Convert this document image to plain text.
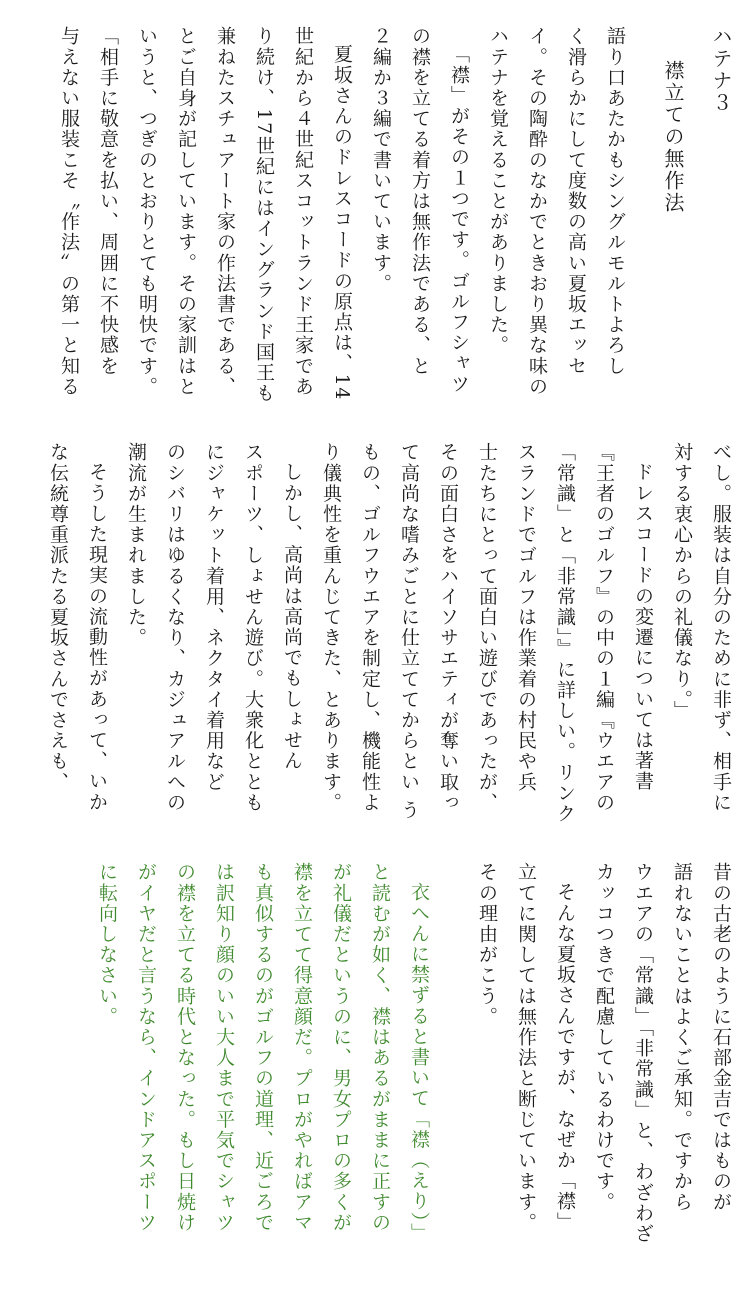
ハテナ３
襟立ての無作法
語り口あたかもシングルモルトよろし
く滑らかにして度数の高い夏坂エッセ
イ。その陶酔のなかでときおり異な味の
ハテナを覚えることがありました。
「襟」がその１つです。ゴルフシャツ
の襟を立てる着方は無作法である、と
２編か３編で書いています。
夏坂さんのドレスコードの原点は、14
世紀から４世紀スコットランド王家であ
り続け、17世紀にはイングランド国王も
兼ねたスチュアート家の作法書である、
とご自身が記しています。その家訓はと
いうと、つぎのとおりとても明快です。
「相手に敬意を払い、周囲に不快感を
与えない服装こそ〝作法〟の第一と知る
べし。服装は自分のために非ず、相手に
対する衷心からの礼儀なり。」
ドレスコードの変遷については著書
『王者のゴルフ』の中の１編『ウエアの
「常識」と「非常識」』に詳しい。リンク
スランドでゴルフは作業着の村民や兵
士たちにとって面白い遊びであったが、
その面白さをハイソサエティが奪い取っ
て高尚な嗜みごとに仕立ててからとい う
もの、ゴルフウエアを制定し、機能性よ
り儀典性を重んじてきた、とあります。
しかし、高尚は高尚でもしょせん
スポーツ、しょせん遊び。大衆化ととも
にジャケット着用、ネクタイ着用など
のシバリはゆるくなり、カジュアルへの
潮流が生まれました。
そうした現実の流動性があって、いか
な伝統尊重派たる夏坂さんでさえも、
昔の古老のように石部金吉ではものが
語れないことはよくご承知。ですから
ウエアの「常識」「非常識」と、わざわざ
カッコつきで配慮しているわけです。
そんな夏坂さんですが、なぜか「襟」
立てに関しては無作法と断じています。
その理由がこう。
衣へんに禁ずると書いて「襟（えり）」
と読むが如く、襟はあるがままに正すの
が礼儀だというのに、男女プロの多くが
襟を立てて得意顔だ。プロがやればアマ
も真似するのがゴルフの道理、近ごろで
は訳知り顔のいい大人まで平気でシャツ
の襟を立てる時代となった。もし日焼け
がイヤだと言うなら、インドアスポーツ
に転向しなさい。
